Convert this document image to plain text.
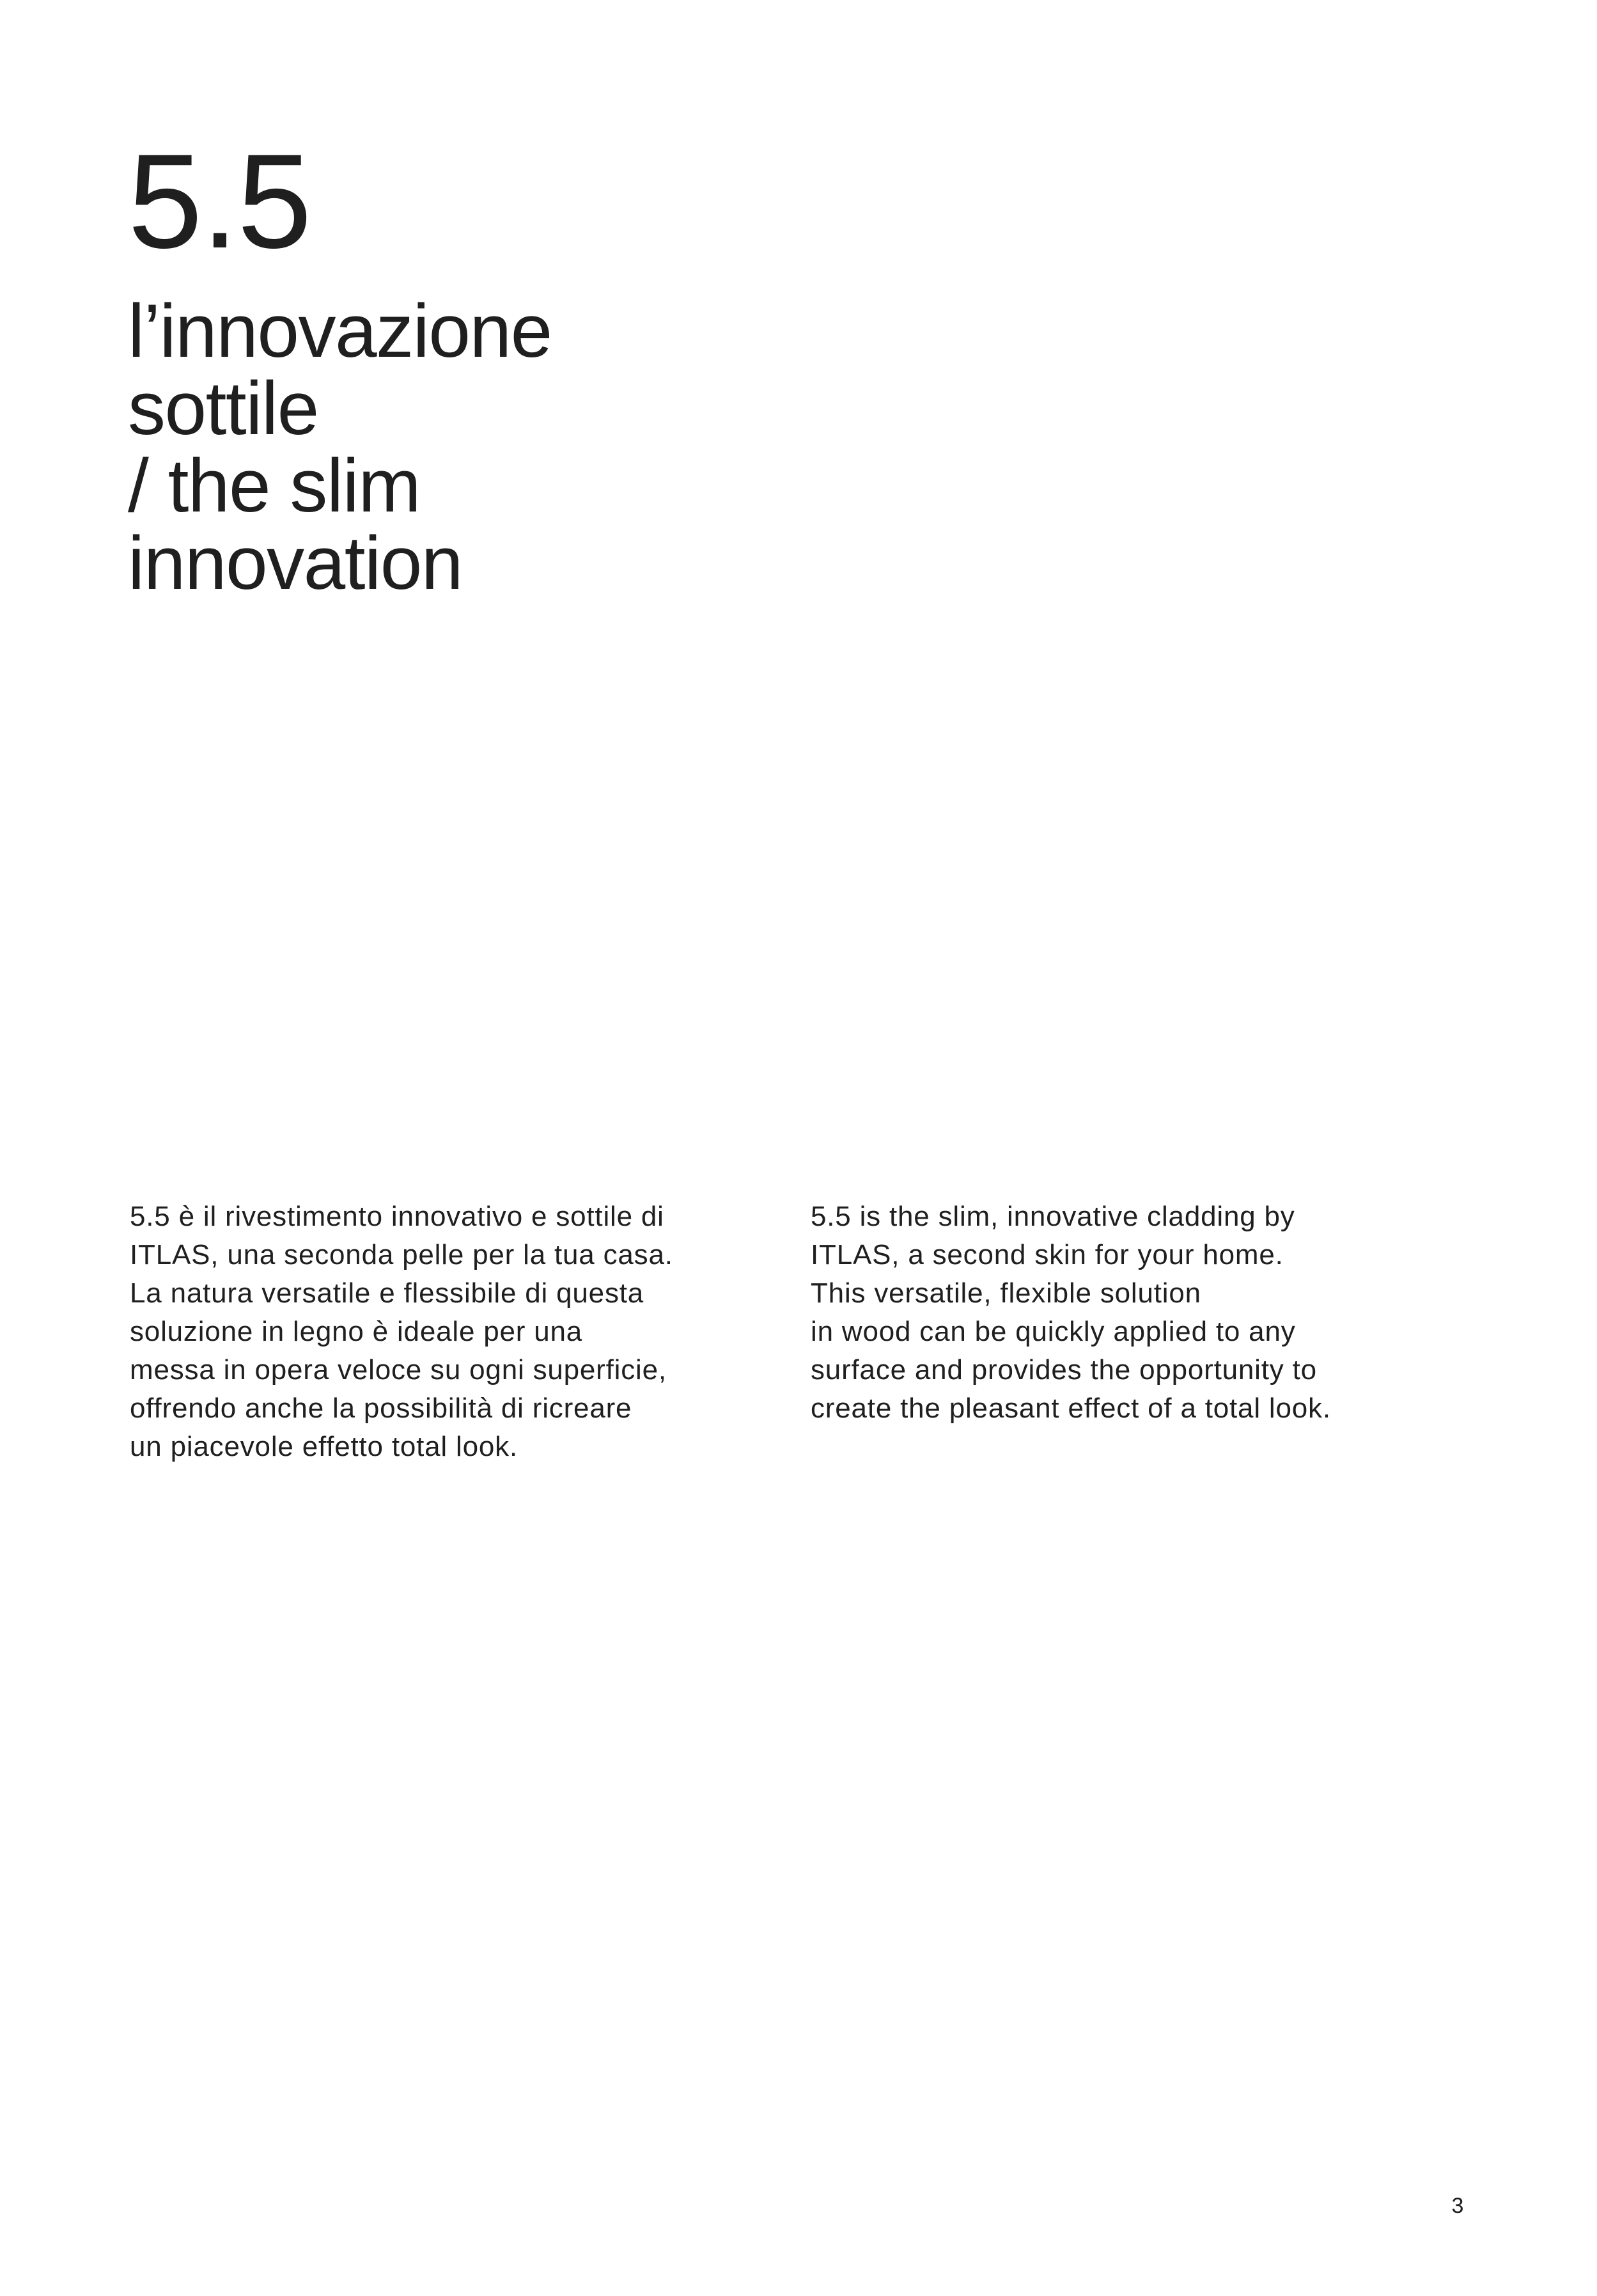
5.5
l’innovazione
sottile
/ the slim
innovation

5.5 è il rivestimento innovativo e sottile di
ITLAS, una seconda pelle per la tua casa.
La natura versatile e flessibile di questa
soluzione in legno è ideale per una
messa in opera veloce su ogni superficie,
offrendo anche la possibilità di ricreare
un piacevole effetto total look.

5.5 is the slim, innovative cladding by
ITLAS, a second skin for your home.
This versatile, flexible solution
in wood can be quickly applied to any
surface and provides the opportunity to
create the pleasant effect of a total look.

3
